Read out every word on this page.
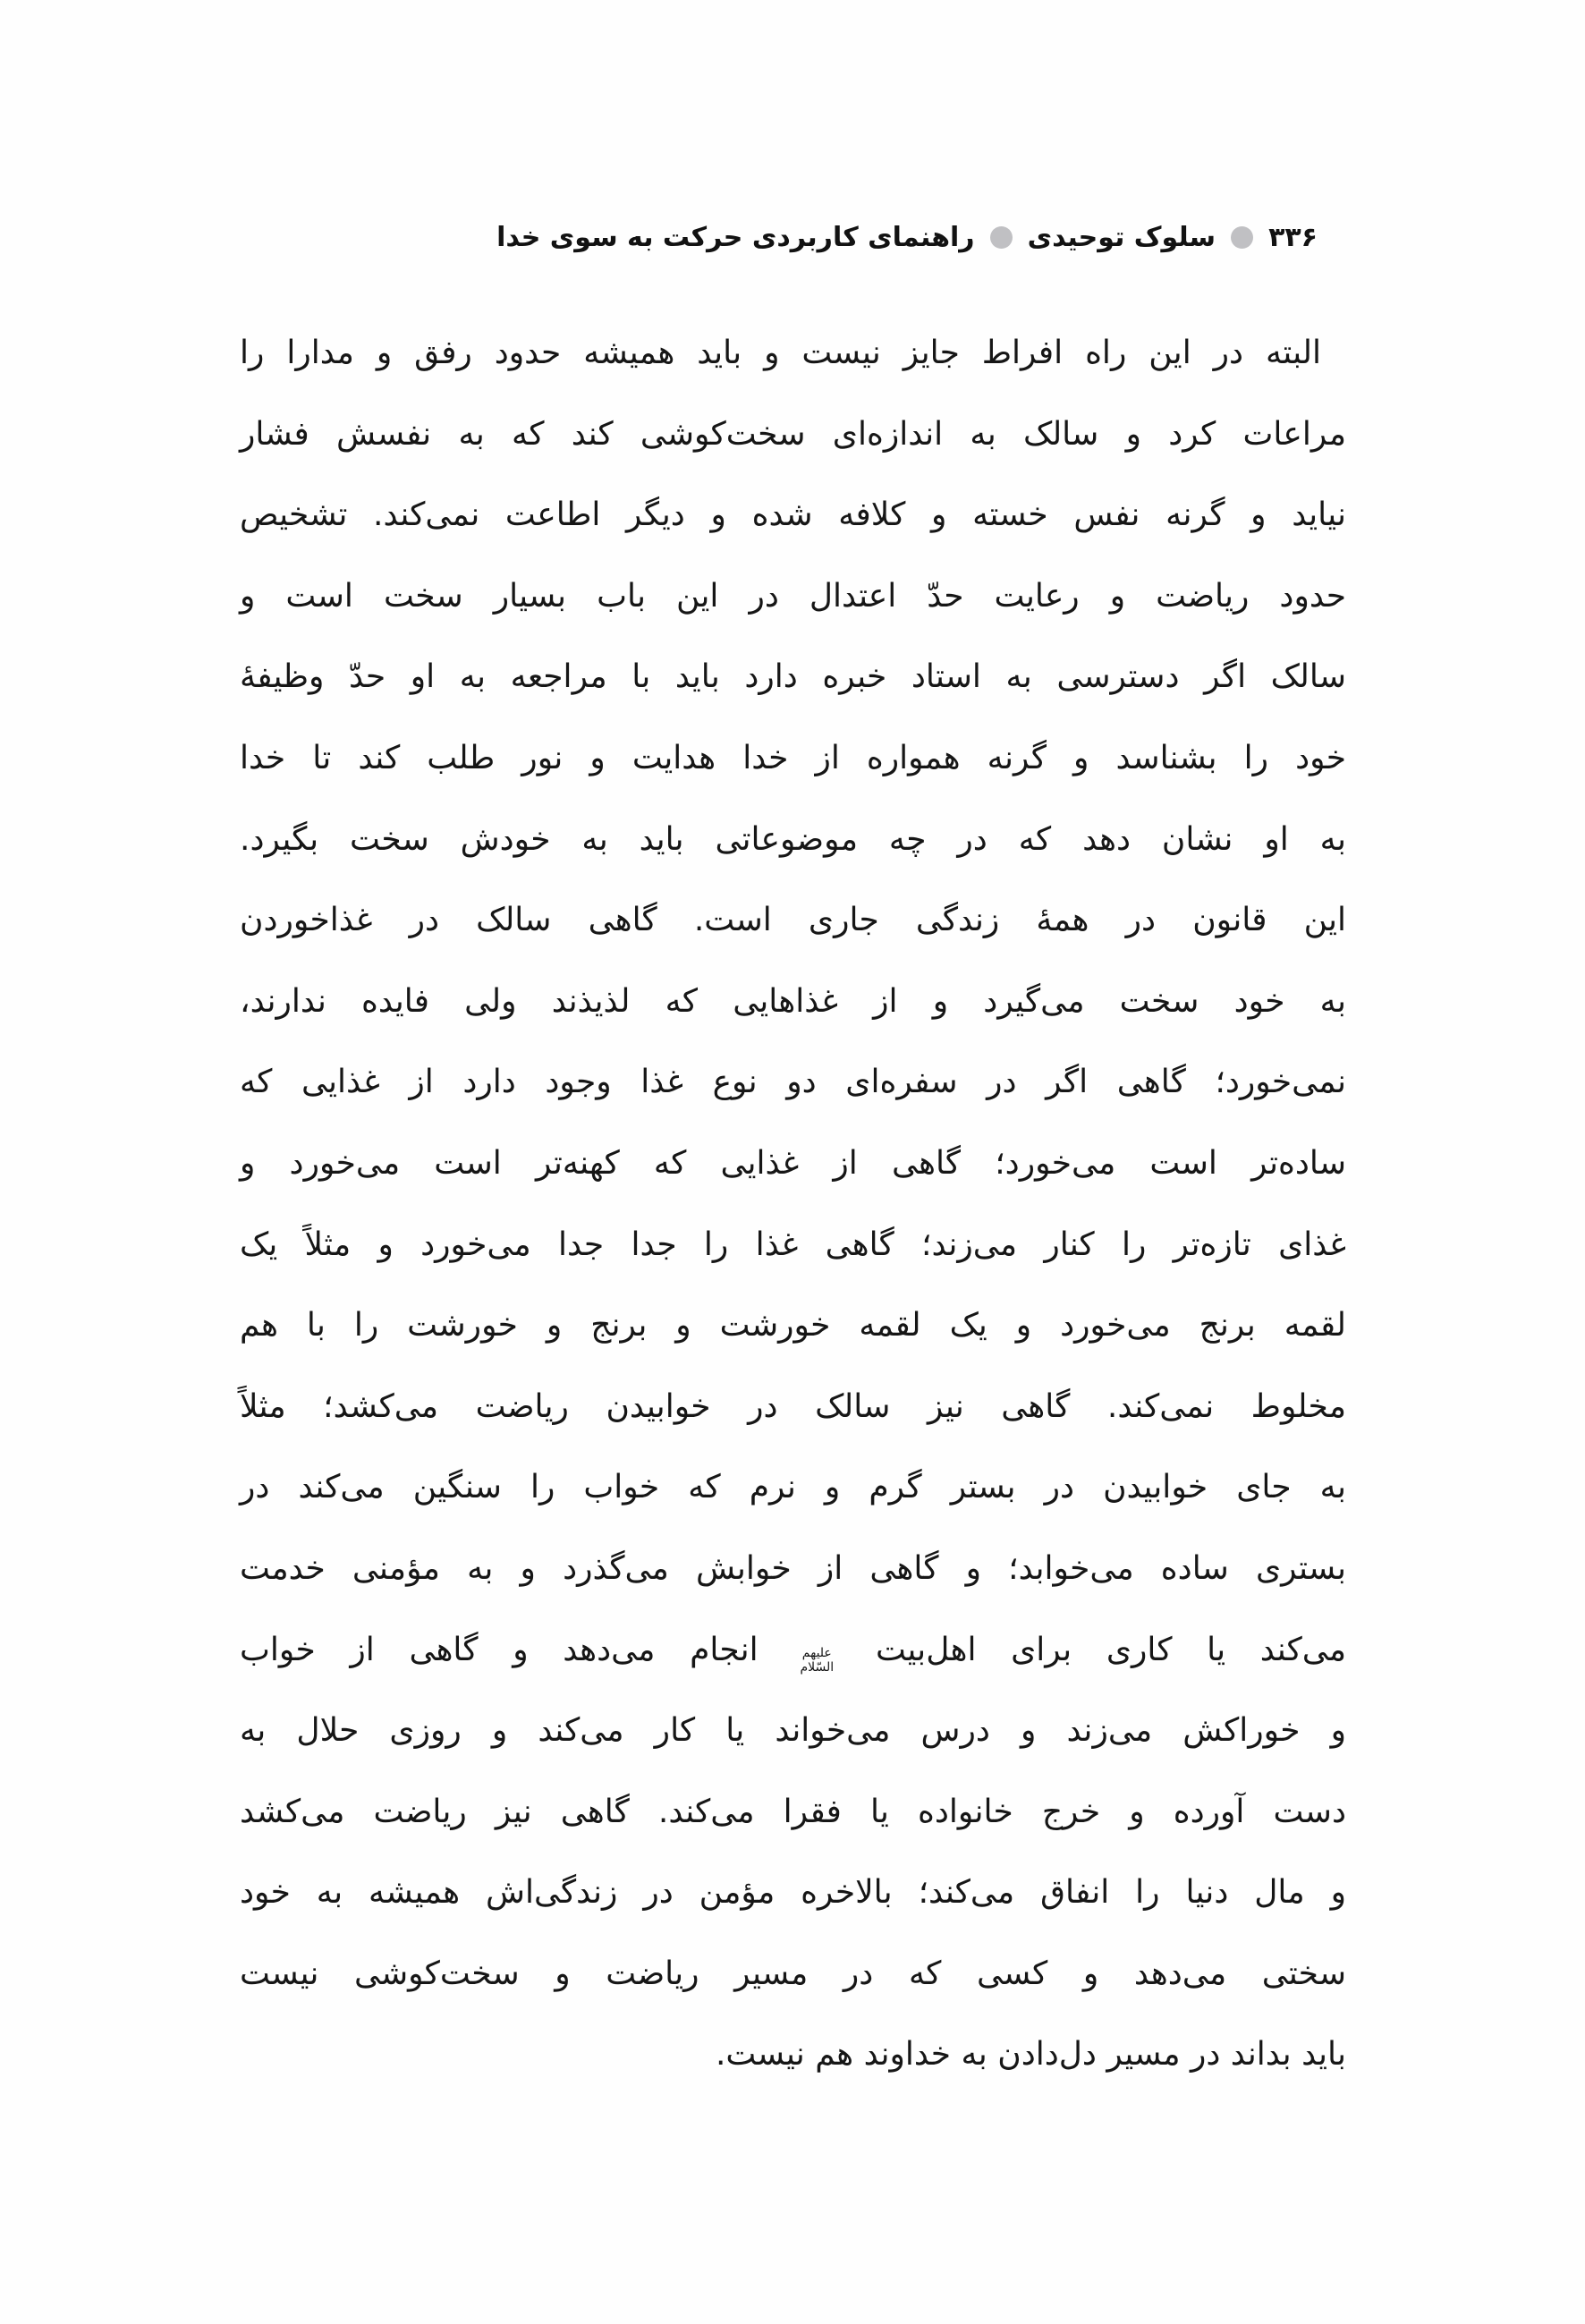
۳۳۶
سلوک توحیدی
راهنمای کاربردی حرکت به سوی خدا

البته در این راه افراط جایز نیست و باید همیشه حدود رفق و مدارا را

مراعات کرد و سالک به اندازه‌ای سخت‌کوشی کند که به نفسش فشار

نیاید و گرنه نفس خسته و کلافه شده و دیگر اطاعت نمی‌کند. تشخیص

حدود ریاضت و رعایت حدّ اعتدال در این باب بسیار سخت است و

سالک اگر دسترسی به استاد خبره دارد باید با مراجعه به او حدّ وظیفهٔ

خود را بشناسد و گرنه همواره از خدا هدایت و نور طلب کند تا خدا

به او نشان دهد که در چه موضوعاتی باید به خودش سخت بگیرد.

این قانون در همهٔ زندگی جاری است. گاهی سالک در غذاخوردن

به خود سخت می‌گیرد و از غذاهایی که لذیذند ولی فایده ندارند،

نمی‌خورد؛ گاهی اگر در سفره‌ای دو نوع غذا وجود دارد از غذایی که

ساده‌تر است می‌خورد؛ گاهی از غذایی که کهنه‌تر است می‌خورد و

غذای تازه‌تر را کنار می‌زند؛ گاهی غذا را جدا جدا می‌خورد و مثلاً یک

لقمه برنج می‌خورد و یک لقمه خورشت و برنج و خورشت را با هم

مخلوط نمی‌کند. گاهی نیز سالک در خوابیدن ریاضت می‌کشد؛ مثلاً

به جای خوابیدن در بستر گرم و نرم که خواب را سنگین می‌کند در

بستری ساده می‌خوابد؛ و گاهی از خوابش می‌گذرد و به مؤمنی خدمت

می‌کند یا کاری برای اهل‌بیت علیهم السّلام انجام می‌دهد و گاهی از خواب

و خوراکش می‌زند و درس می‌خواند یا کار می‌کند و روزی حلال به

دست آورده و خرج خانواده یا فقرا می‌کند. گاهی نیز ریاضت می‌کشد

و مال دنیا را انفاق می‌کند؛ بالاخره مؤمن در زندگی‌اش همیشه به خود

سختی می‌دهد و کسی که در مسیر ریاضت و سخت‌کوشی نیست

باید بداند در مسیر دل‌دادن به خداوند هم نیست.
